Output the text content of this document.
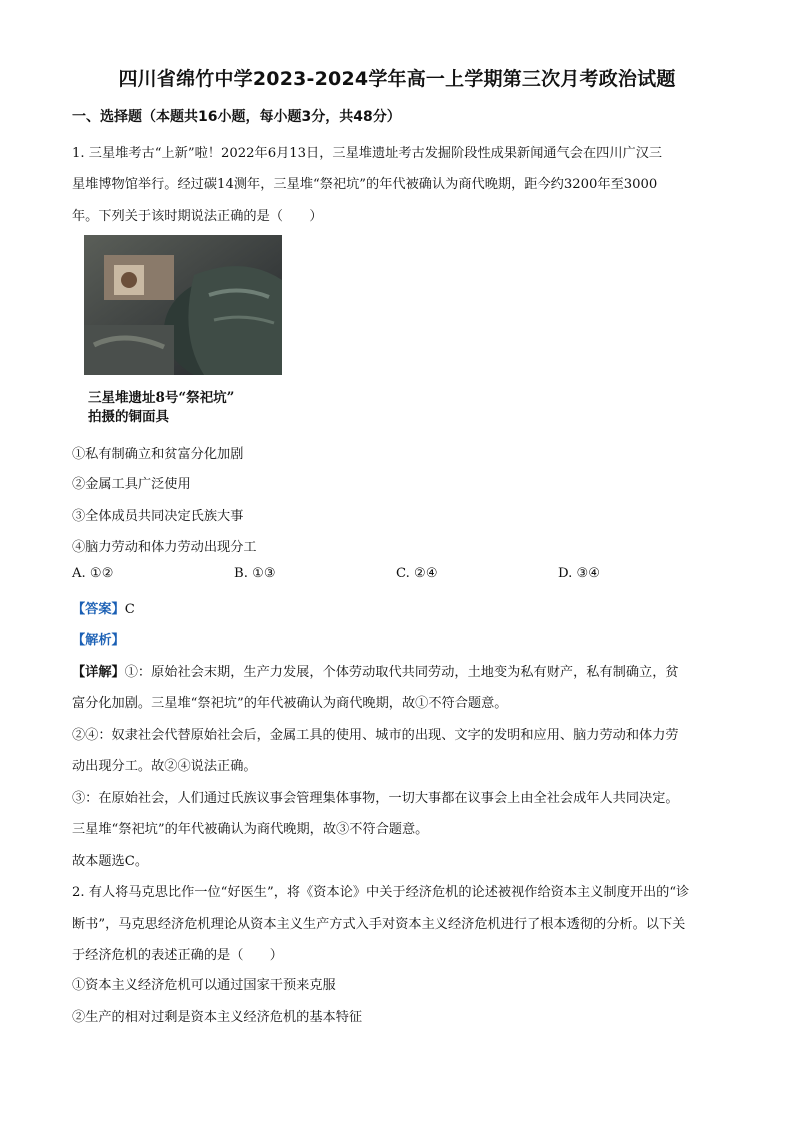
四川省绵竹中学2023-2024学年高一上学期第三次月考政治试题
一、选择题（本题共16小题，每小题3分，共48分）
1. 三星堆考古“上新”啦！2022年6月13日，三星堆遗址考古发掘阶段性成果新闻通气会在四川广汉三
星堆博物馆举行。经过碳14测年，三星堆“祭祀坑”的年代被确认为商代晚期，距今约3200年至3000
年。下列关于该时期说法正确的是（　　）
三星堆遗址8号“祭祀坑”
拍摄的铜面具
①私有制确立和贫富分化加剧
②金属工具广泛使用
③全体成员共同决定氏族大事
④脑力劳动和体力劳动出现分工
A. ①②	B. ①③	C. ②④	D. ③④
【答案】C
【解析】
【详解】①：原始社会末期，生产力发展，个体劳动取代共同劳动，土地变为私有财产，私有制确立，贫
富分化加剧。三星堆“祭祀坑”的年代被确认为商代晚期，故①不符合题意。
②④：奴隶社会代替原始社会后，金属工具的使用、城市的出现、文字的发明和应用、脑力劳动和体力劳
动出现分工。故②④说法正确。
③：在原始社会，人们通过氏族议事会管理集体事物，一切大事都在议事会上由全社会成年人共同决定。
三星堆“祭祀坑”的年代被确认为商代晚期，故③不符合题意。
故本题选C。
2. 有人将马克思比作一位“好医生”，将《资本论》中关于经济危机的论述被视作给资本主义制度开出的“诊
断书”，马克思经济危机理论从资本主义生产方式入手对资本主义经济危机进行了根本透彻的分析。以下关
于经济危机的表述正确的是（　　）
①资本主义经济危机可以通过国家干预来克服
②生产的相对过剩是资本主义经济危机的基本特征
